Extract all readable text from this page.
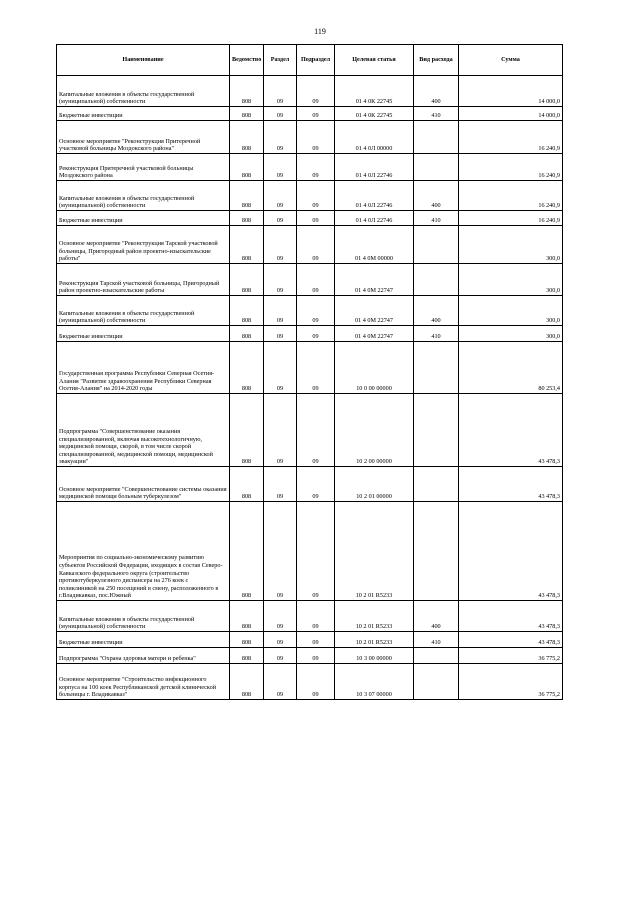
119
Наименование	Ведомство	Раздел	Подраздел	Целевая статья	Вид расхода	Сумма

Капитальные вложения в объекты государственной (муниципальной) собственности	808	09	09	01 4 0К 22745	400	14 000,0

Бюджетные инвестиции	808	09	09	01 4 0К 22745	410	14 000,0

Основное мероприятие "Реконструкция Притеречной участковой больницы Моздокского района"	808	09	09	01 4 0Л 00000		16 240,9

Реконструкция Притеречной участковой больницы Моздокского района	808	09	09	01 4 0Л 22746		16 240,9

Капитальные вложения в объекты государственной (муниципальной) собственности	808	09	09	01 4 0Л 22746	400	16 240,9

Бюджетные инвестиции	808	09	09	01 4 0Л 22746	410	16 240,9

Основное мероприятие "Реконструкция Тарской участковой больницы, Пригородный район проектно-изыскательские работы"	808	09	09	01 4 0М 00000		300,0

Реконструкция Тарской участковой больницы, Пригородный район проектно-изыскательские работы	808	09	09	01 4 0М 22747		300,0

Капитальные вложения в объекты государственной (муниципальной) собственности	808	09	09	01 4 0М 22747	400	300,0

Бюджетные инвестиции	808	09	09	01 4 0М 22747	410	300,0

Государственная программа Республики Северная Осетия-Алания "Развитие здравоохранения Республики Северная Осетия-Алания" на 2014-2020 годы	808	09	09	10 0 00 00000		80 253,4

Подпрограмма "Совершенствование оказания специализированной, включая высокотехнологичную, медицинской помощи, скорой, в том числе скорой специализированной, медицинской помощи, медицинской эвакуации"	808	09	09	10 2 00 00000		43 478,3

Основное мероприятие "Совершенствование системы оказания медицинской помощи больным туберкулезом"	808	09	09	10 2 01 00000		43 478,3

Мероприятия по социально-экономическому развитию субъектов Российской Федерации, входящих в состав Северо-Кавказского федерального округа (строительство противотуберкулезного диспансера на 276 коек с поликлиникой на 250 посещений в смену, расположенного в г.Владикавказ, пос.Южный	808	09	09	10 2 01 R5233		43 478,3

Капитальные вложения в объекты государственной (муниципальной) собственности	808	09	09	10 2 01 R5233	400	43 478,3

Бюджетные инвестиции	808	09	09	10 2 01 R5233	410	43 478,3

Подпрограмма "Охрана здоровья матери и ребенка"	808	09	09	10 3 00 00000		36 775,2

Основное мероприятие "Строительство инфекционного корпуса на 100 коек Республиканской детской клинической больницы г. Владикавказ"	808	09	09	10 3 07 00000		36 775,2
